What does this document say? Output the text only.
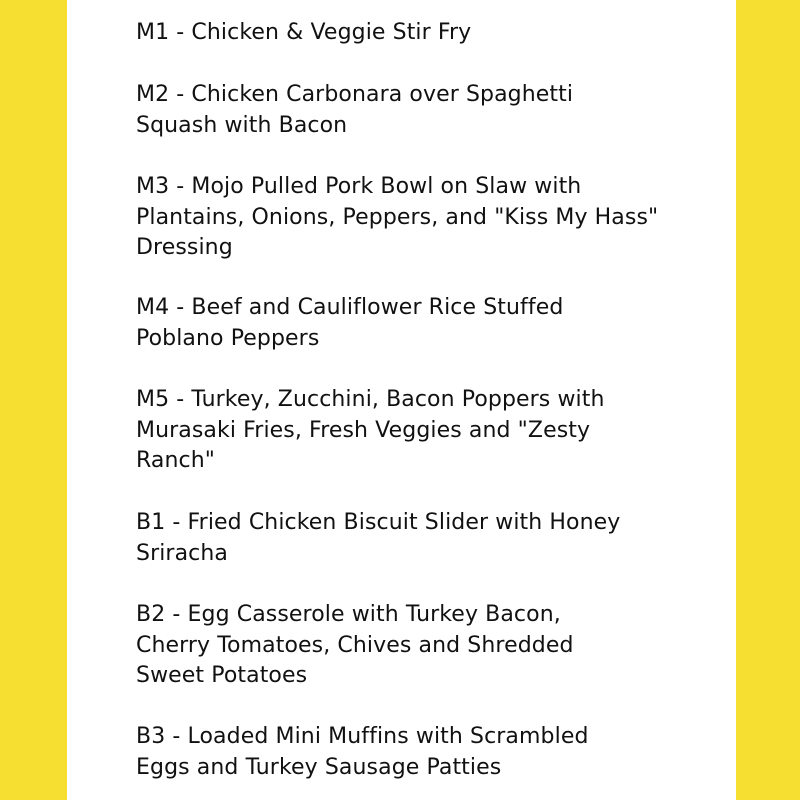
M1 - Chicken & Veggie Stir Fry
M2 - Chicken Carbonara over Spaghetti
Squash with Bacon
M3 - Mojo Pulled Pork Bowl on Slaw with
Plantains, Onions, Peppers, and "Kiss My Hass"
Dressing
M4 - Beef and Cauliflower Rice Stuffed
Poblano Peppers
M5 - Turkey, Zucchini, Bacon Poppers with
Murasaki Fries, Fresh Veggies and "Zesty
Ranch"
B1 - Fried Chicken Biscuit Slider with Honey
Sriracha
B2 - Egg Casserole with Turkey Bacon,
Cherry Tomatoes, Chives and Shredded
Sweet Potatoes
B3 - Loaded Mini Muffins with Scrambled
Eggs and Turkey Sausage Patties
